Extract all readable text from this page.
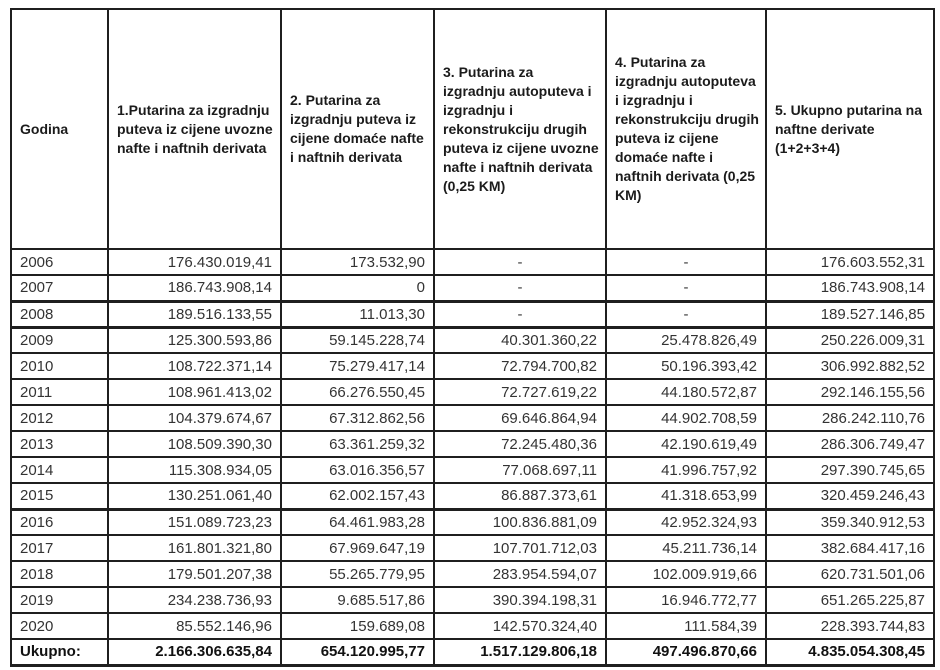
Godina	1.Putarina za izgradnju puteva iz cijene uvozne nafte i naftnih derivata	2. Putarina za izgradnju puteva iz cijene domaće nafte i naftnih derivata	3. Putarina za izgradnju autoputeva i izgradnju i rekonstrukciju drugih puteva iz cijene uvozne nafte i naftnih derivata (0,25 KM)	4. Putarina za izgradnju autoputeva i izgradnju i rekonstrukciju drugih puteva iz cijene domaće nafte i naftnih derivata (0,25 KM)	5. Ukupno putarina na naftne derivate (1+2+3+4)
2006	176.430.019,41	173.532,90	-	-	176.603.552,31
2007	186.743.908,14	0	-	-	186.743.908,14
2008	189.516.133,55	11.013,30	-	-	189.527.146,85
2009	125.300.593,86	59.145.228,74	40.301.360,22	25.478.826,49	250.226.009,31
2010	108.722.371,14	75.279.417,14	72.794.700,82	50.196.393,42	306.992.882,52
2011	108.961.413,02	66.276.550,45	72.727.619,22	44.180.572,87	292.146.155,56
2012	104.379.674,67	67.312.862,56	69.646.864,94	44.902.708,59	286.242.110,76
2013	108.509.390,30	63.361.259,32	72.245.480,36	42.190.619,49	286.306.749,47
2014	115.308.934,05	63.016.356,57	77.068.697,11	41.996.757,92	297.390.745,65
2015	130.251.061,40	62.002.157,43	86.887.373,61	41.318.653,99	320.459.246,43
2016	151.089.723,23	64.461.983,28	100.836.881,09	42.952.324,93	359.340.912,53
2017	161.801.321,80	67.969.647,19	107.701.712,03	45.211.736,14	382.684.417,16
2018	179.501.207,38	55.265.779,95	283.954.594,07	102.009.919,66	620.731.501,06
2019	234.238.736,93	9.685.517,86	390.394.198,31	16.946.772,77	651.265.225,87
2020	85.552.146,96	159.689,08	142.570.324,40	111.584,39	228.393.744,83
Ukupno:	2.166.306.635,84	654.120.995,77	1.517.129.806,18	497.496.870,66	4.835.054.308,45
